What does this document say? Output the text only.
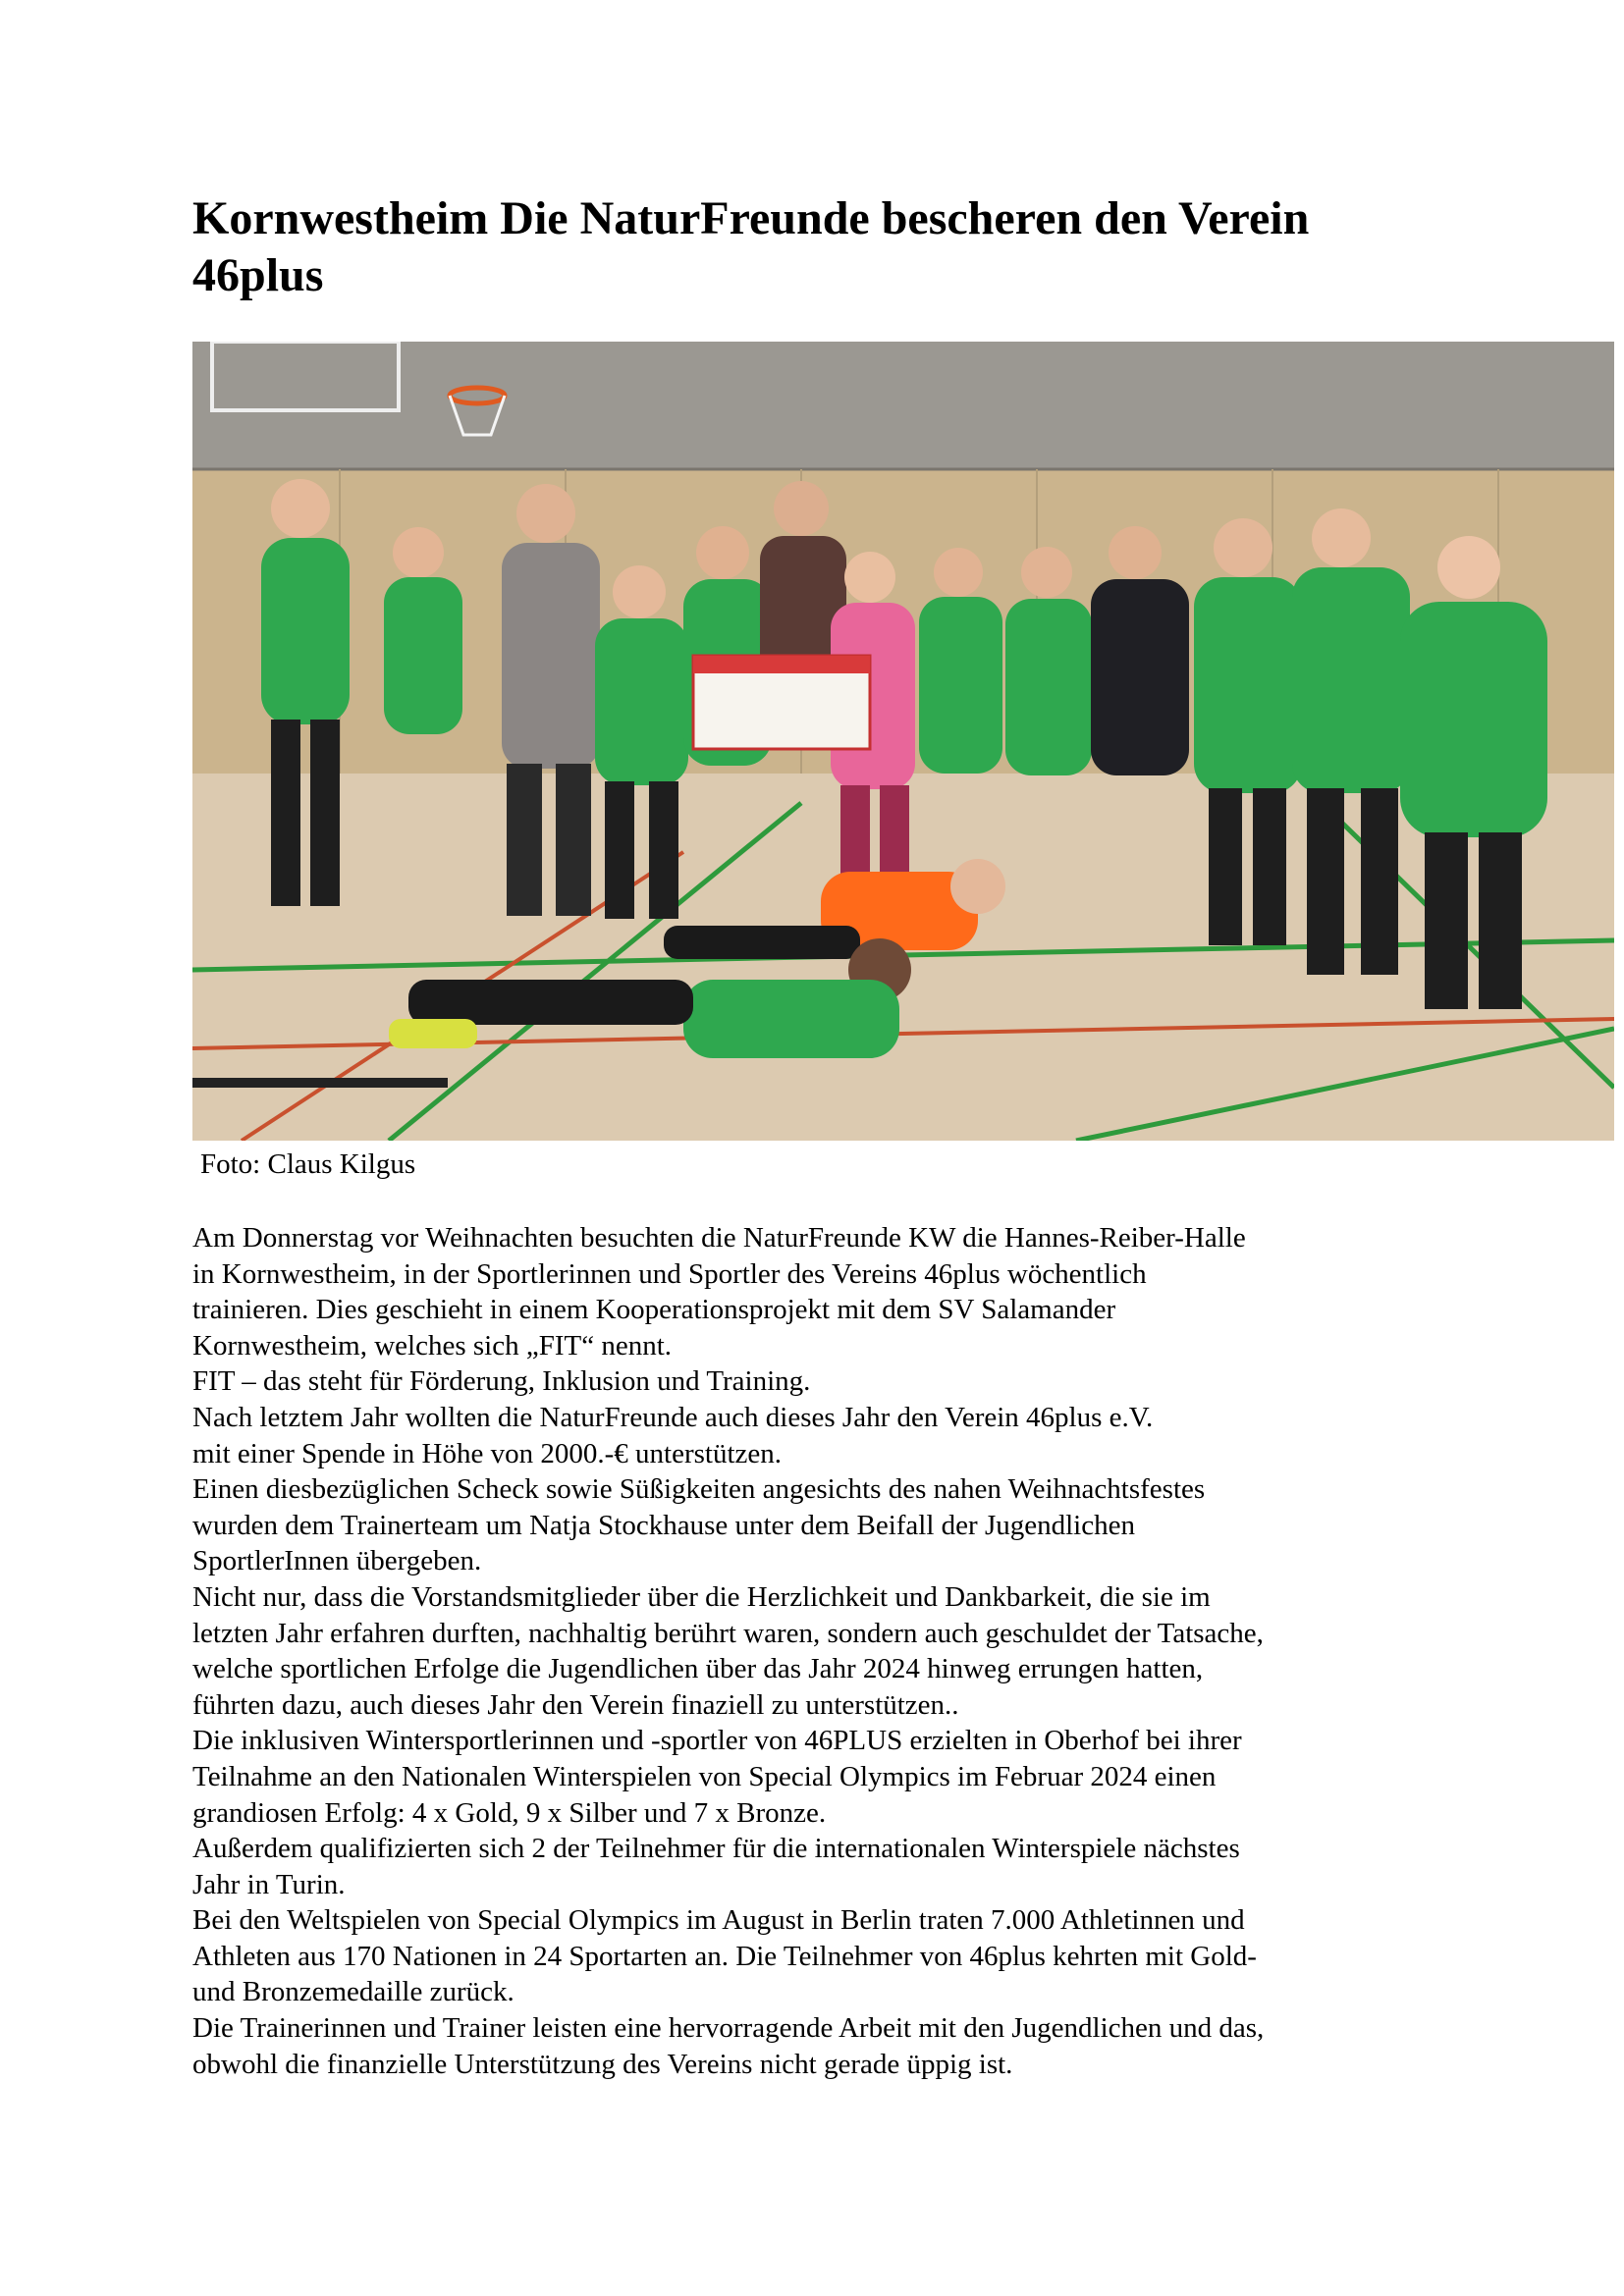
Kornwestheim Die NaturFreunde bescheren den Verein
46plus
Foto: Claus Kilgus
Am Donnerstag vor Weihnachten besuchten die NaturFreunde KW die Hannes-Reiber-Halle
in Kornwestheim, in der Sportlerinnen und Sportler des Vereins 46plus wöchentlich
trainieren. Dies geschieht in einem Kooperationsprojekt mit dem SV Salamander
Kornwestheim, welches sich „FIT“ nennt.
FIT – das steht für Förderung, Inklusion und Training.
Nach letztem Jahr wollten die NaturFreunde auch dieses Jahr den Verein 46plus e.V.
mit einer Spende in Höhe von 2000.-€ unterstützen.
Einen diesbezüglichen Scheck sowie Süßigkeiten angesichts des nahen Weihnachtsfestes
wurden dem Trainerteam um Natja Stockhause unter dem Beifall der Jugendlichen
SportlerInnen übergeben.
Nicht nur, dass die Vorstandsmitglieder über die Herzlichkeit und Dankbarkeit, die sie im
letzten Jahr erfahren durften, nachhaltig berührt waren, sondern auch geschuldet der Tatsache,
welche sportlichen Erfolge die Jugendlichen über das Jahr 2024 hinweg errungen hatten,
führten dazu, auch dieses Jahr den Verein finaziell zu unterstützen..
Die inklusiven Wintersportlerinnen und -sportler von 46PLUS erzielten in Oberhof bei ihrer
Teilnahme an den Nationalen Winterspielen von Special Olympics im Februar 2024 einen
grandiosen Erfolg: 4 x Gold, 9 x Silber und 7 x Bronze.
Außerdem qualifizierten sich 2 der Teilnehmer für die internationalen Winterspiele nächstes
Jahr in Turin.
Bei den Weltspielen von Special Olympics im August in Berlin traten 7.000 Athletinnen und
Athleten aus 170 Nationen in 24 Sportarten an. Die Teilnehmer von 46plus kehrten mit Gold-
und Bronzemedaille zurück.
Die Trainerinnen und Trainer leisten eine hervorragende Arbeit mit den Jugendlichen und das,
obwohl die finanzielle Unterstützung des Vereins nicht gerade üppig ist.
